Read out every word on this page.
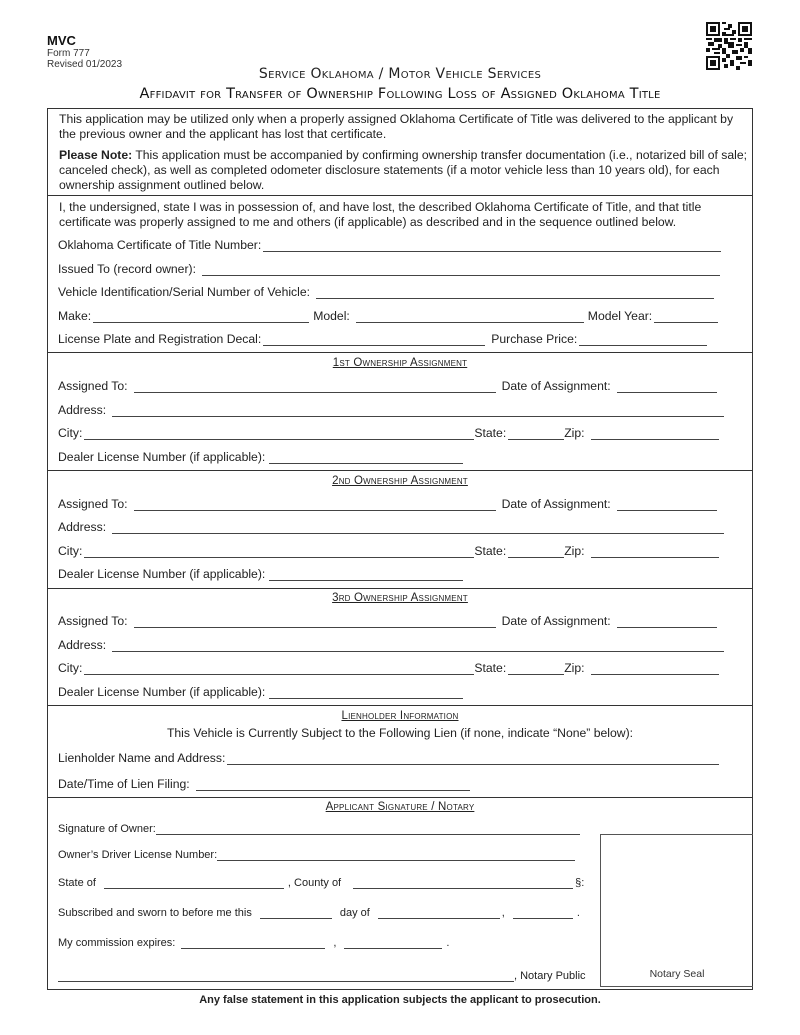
MVC
Form 777
Revised 01/2023
Service Oklahoma / Motor Vehicle Services
Affidavit for Transfer of Ownership Following Loss of Assigned Oklahoma Title
This application may be utilized only when a properly assigned Oklahoma Certificate of Title was delivered to the applicant by the previous owner and the applicant has lost that certificate.
Please Note: This application must be accompanied by confirming ownership transfer documentation (i.e., notarized bill of sale; canceled check), as well as completed odometer disclosure statements (if a motor vehicle less than 10 years old), for each ownership assignment outlined below.
I, the undersigned, state I was in possession of, and have lost, the described Oklahoma Certificate of Title, and that title certificate was properly assigned to me and others (if applicable) as described and in the sequence outlined below.
Oklahoma Certificate of Title Number:
Issued To (record owner):
Vehicle Identification/Serial Number of Vehicle:
Make:	Model:	Model Year:
License Plate and Registration Decal:	Purchase Price:
1st Ownership Assignment
Assigned To:	Date of Assignment:
Address:
City:	State:	Zip:
Dealer License Number (if applicable):
2nd Ownership Assignment
Assigned To:	Date of Assignment:
Address:
City:	State:	Zip:
Dealer License Number (if applicable):
3rd Ownership Assignment
Assigned To:	Date of Assignment:
Address:
City:	State:	Zip:
Dealer License Number (if applicable):
Lienholder Information
This Vehicle is Currently Subject to the Following Lien (if none, indicate “None” below):
Lienholder Name and Address:
Date/Time of Lien Filing:
Applicant Signature / Notary
Signature of Owner:
Owner’s Driver License Number:
State of	, County of	§:
Subscribed and sworn to before me this	day of	,	.
My commission expires:	,	.
, Notary Public	Notary Seal
Any false statement in this application subjects the applicant to prosecution.
